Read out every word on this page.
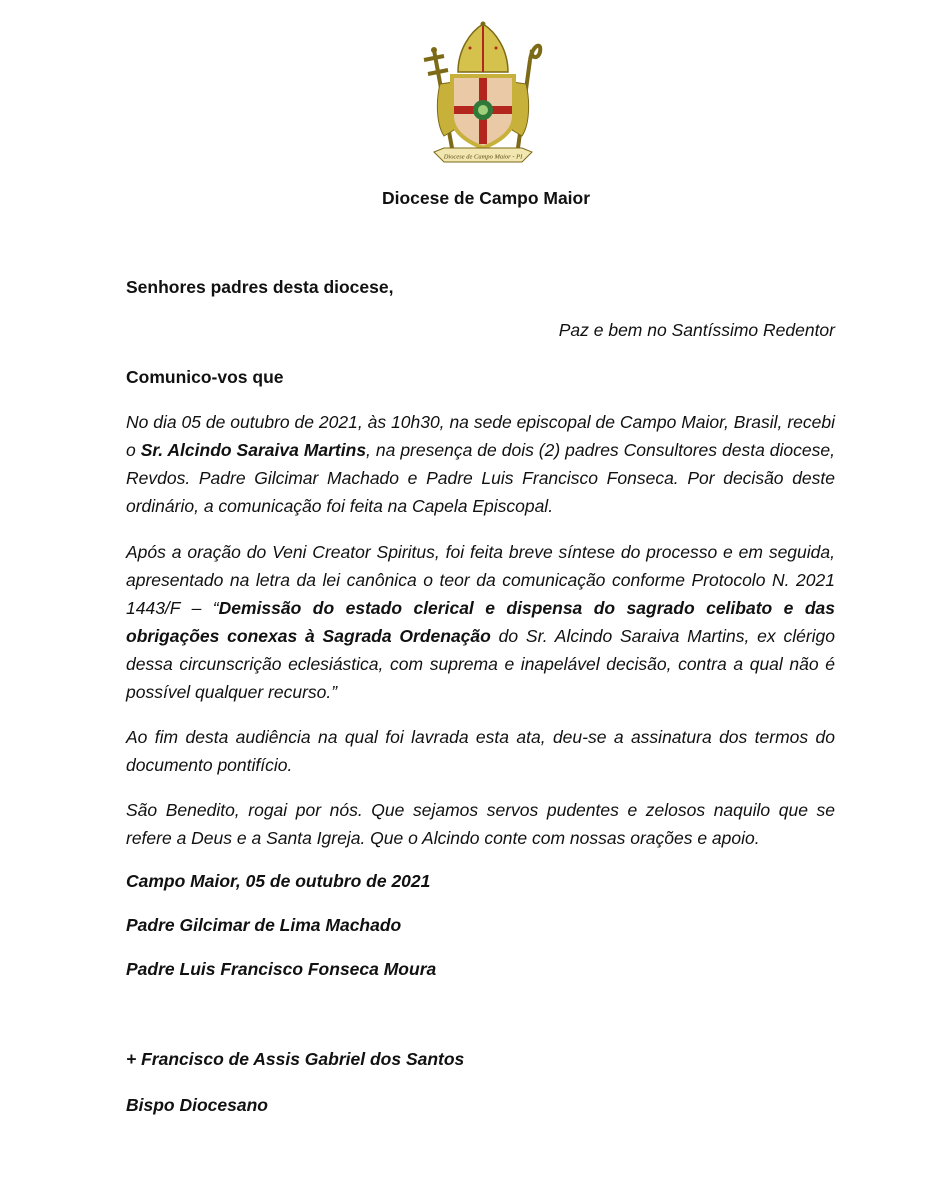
Diocese de Campo Maior - PI
Diocese de Campo Maior
Senhores padres desta diocese,
Paz e bem no Santíssimo Redentor
Comunico-vos que

No dia 05 de outubro de 2021, às 10h30, na sede episcopal de Campo Maior, Brasil, recebi o Sr. Alcindo Saraiva Martins, na presença de dois (2) padres Consultores desta diocese, Revdos. Padre Gilcimar Machado e Padre Luis Francisco Fonseca. Por decisão deste ordinário, a comunicação foi feita na Capela Episcopal.

Após a oração do Veni Creator Spiritus, foi feita breve síntese do processo e em seguida, apresentado na letra da lei canônica o teor da comunicação conforme Protocolo N. 2021 1443/F – “Demissão do estado clerical e dispensa do sagrado celibato e das obrigações conexas à Sagrada Ordenação do Sr. Alcindo Saraiva Martins, ex clérigo dessa circunscrição eclesiástica, com suprema e inapelável decisão, contra a qual não é possível qualquer recurso.”

Ao fim desta audiência na qual foi lavrada esta ata, deu-se a assinatura dos termos do documento pontifício.

São Benedito, rogai por nós. Que sejamos servos pudentes e zelosos naquilo que se refere a Deus e a Santa Igreja. Que o Alcindo conte com nossas orações e apoio.

Campo Maior, 05 de outubro de 2021
Padre Gilcimar de Lima Machado
Padre Luis Francisco Fonseca Moura
+ Francisco de Assis Gabriel dos Santos
Bispo Diocesano
